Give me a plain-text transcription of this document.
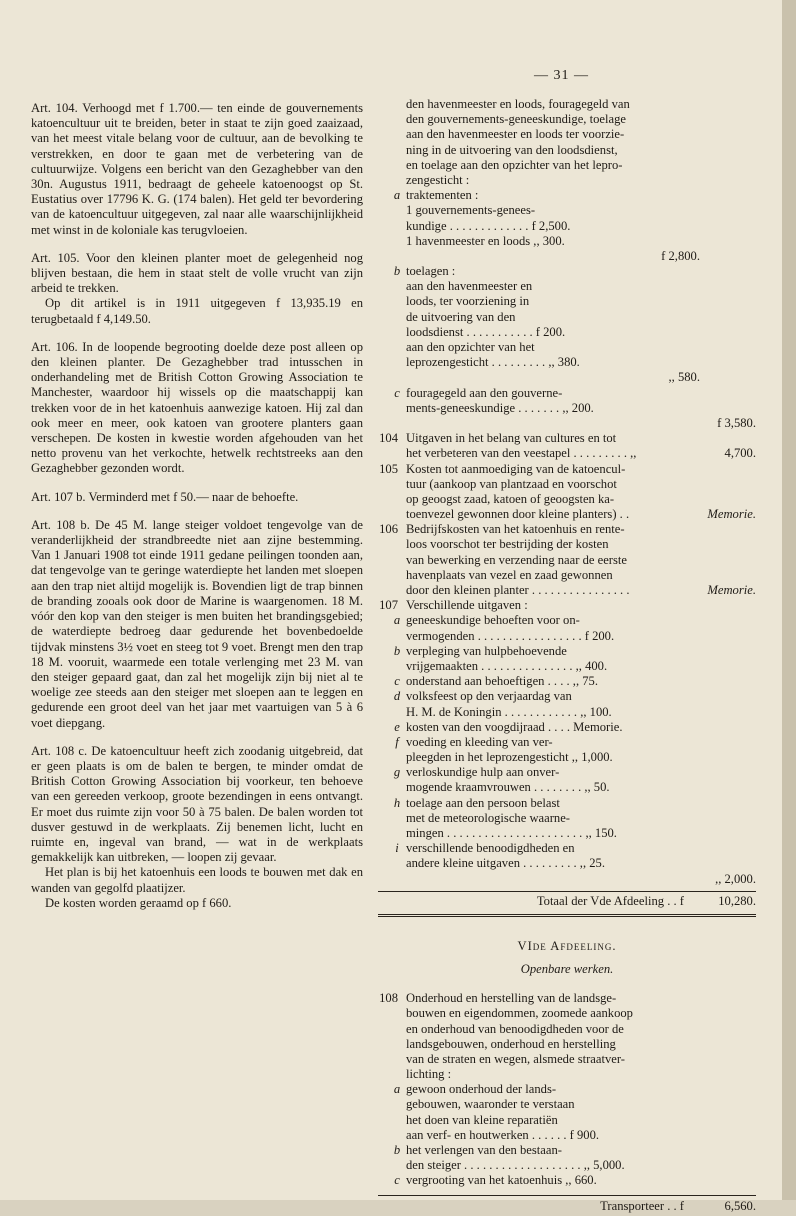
— 31 —
Art. 104. Verhoogd met f 1.700.— ten einde de gouvernements katoencultuur uit te breiden, beter in staat te zijn goed zaaizaad, van het meest vitale belang voor de cultuur, aan de bevolking te verstrekken, en door te gaan met de verbetering van de cultuurwijze. Volgens een bericht van den Gezaghebber van den 30n. Augustus 1911, bedraagt de geheele katoenoogst op St. Eustatius over 17796 K. G. (174 balen). Het geld ter bevordering van de katoencultuur uitgegeven, zal naar alle waarschijnlijkheid met winst in de koloniale kas terugvloeien.
Art. 105. Voor den kleinen planter moet de gelegenheid nog blijven bestaan, die hem in staat stelt de volle vrucht van zijn arbeid te trekken.
Op dit artikel is in 1911 uitgegeven f 13,935.19 en terugbetaald f 4,149.50.
Art. 106. In de loopende begrooting doelde deze post alleen op den kleinen planter. De Gezaghebber trad intusschen in onderhandeling met de British Cotton Growing Association te Manchester, waardoor hij wissels op die maatschappij kan trekken voor de in het katoenhuis aanwezige katoen. Hij zal dan ook meer en meer, ook katoen van grootere planters gaan verschepen. De kosten in kwestie worden afgehouden van het netto provenu van het verkochte, hetwelk rechtstreeks aan den Gezaghebber gezonden wordt.
Art. 107 b. Verminderd met f 50.— naar de behoefte.
Art. 108 b. De 45 M. lange steiger voldoet tengevolge van de veranderlijkheid der strandbreedte niet aan zijne bestemming. Van 1 Januari 1908 tot einde 1911 gedane peilingen toonden aan, dat tengevolge van te geringe waterdiepte het landen met sloepen aan den trap niet altijd mogelijk is. Bovendien ligt de trap binnen de branding zooals ook door de Marine is waargenomen. 18 M. vóór den kop van den steiger is men buiten het brandingsgebied; de waterdiepte bedroeg daar gedurende het bovenbedoelde tijdvak minstens 3½ voet en steeg tot 9 voet. Brengt men den trap 18 M. vooruit, waarmede een totale verlenging met 23 M. van den steiger gepaard gaat, dan zal het mogelijk zijn bij niet al te woelige zee steeds aan den steiger met sloepen aan te leggen en gedurende een groot deel van het jaar met vaartuigen van 5 à 6 voet diepgang.
Art. 108 c. De katoencultuur heeft zich zoodanig uitgebreid, dat er geen plaats is om de balen te bergen, te minder omdat de British Cotton Growing Association bij voorkeur, ten behoeve van een gereeden verkoop, groote bezendingen in eens ontvangt. Er moet dus ruimte zijn voor 50 à 75 balen. De balen worden tot dusver gestuwd in de werkplaats. Zij benemen licht, lucht en ruimte en, ingeval van brand, — wat in de werkplaats gemakkelijk kan uitbreken, — loopen zij gevaar.
Het plan is bij het katoenhuis een loods te bouwen met dak en wanden van gegolfd plaatijzer.
De kosten worden geraamd op f 660.
den havenmeester en loods, fouragegeld van
den gouvernements-geneeskundige, toelage
aan den havenmeester en loods ter voorzie-
ning in de uitvoering van den loodsdienst,
en toelage aan den opzichter van het lepro-
zengesticht :
a traktementen :
1 gouvernements-genees-
kundige . . . . . . . . . . . . . f 2,500.
1 havenmeester en loods ,, 300.
f 2,800.
b toelagen :
aan den havenmeester en
loods, ter voorziening in
de uitvoering van den
loodsdienst . . . . . . . . . . . f 200.
aan den opzichter van het
leprozengesticht . . . . . . . . . ,, 380.
,, 580.
c fouragegeld aan den gouverne-
ments-geneeskundige . . . . . . . ,, 200.
f 3,580.
104 Uitgaven in het belang van cultures en tot
het verbeteren van den veestapel . . . . . . . . . ,,	4,700.
105 Kosten tot aanmoediging van de katoencul-
tuur (aankoop van plantzaad en voorschot
op geoogst zaad, katoen of geoogsten ka-
toenvezel gewonnen door kleine planters) . .	Memorie.
106 Bedrijfskosten van het katoenhuis en rente-
loos voorschot ter bestrijding der kosten
van bewerking en verzending naar de eerste
havenplaats van vezel en zaad gewonnen
door den kleinen planter . . . . . . . . . . . . . . . .	Memorie.
107 Verschillende uitgaven :
a geneeskundige behoeften voor on-
vermogenden . . . . . . . . . . . . . . . . . f 200.
b verpleging van hulpbehoevende
vrijgemaakten . . . . . . . . . . . . . . . ,, 400.
c onderstand aan behoeftigen . . . . ,, 75.
d volksfeest op den verjaardag van
H. M. de Koningin . . . . . . . . . . . . ,, 100.
e kosten van den voogdijraad . . . . Memorie.
f voeding en kleeding van ver-
pleegden in het leprozengesticht ,, 1,000.
g verloskundige hulp aan onver-
mogende kraamvrouwen . . . . . . . . ,, 50.
h toelage aan den persoon belast
met de meteorologische waarne-
mingen . . . . . . . . . . . . . . . . . . . . . . ,, 150.
i verschillende benoodigdheden en
andere kleine uitgaven . . . . . . . . . ,, 25.
,, 2,000.
Totaal der Vde Afdeeling . . f	10,280.
VIde Afdeeling.
Openbare werken.
108 Onderhoud en herstelling van de landsge-
bouwen en eigendommen, zoomede aankoop
en onderhoud van benoodigdheden voor de
landsgebouwen, onderhoud en herstelling
van de straten en wegen, alsmede straatver-
lichting :
a gewoon onderhoud der lands-
gebouwen, waaronder te verstaan
het doen van kleine reparatiën
aan verf- en houtwerken . . . . . . f 900.
b het verlengen van den bestaan-
den steiger . . . . . . . . . . . . . . . . . . . ,, 5,000.
c vergrooting van het katoenhuis ,, 660.
Transporteer . . f	6,560.
